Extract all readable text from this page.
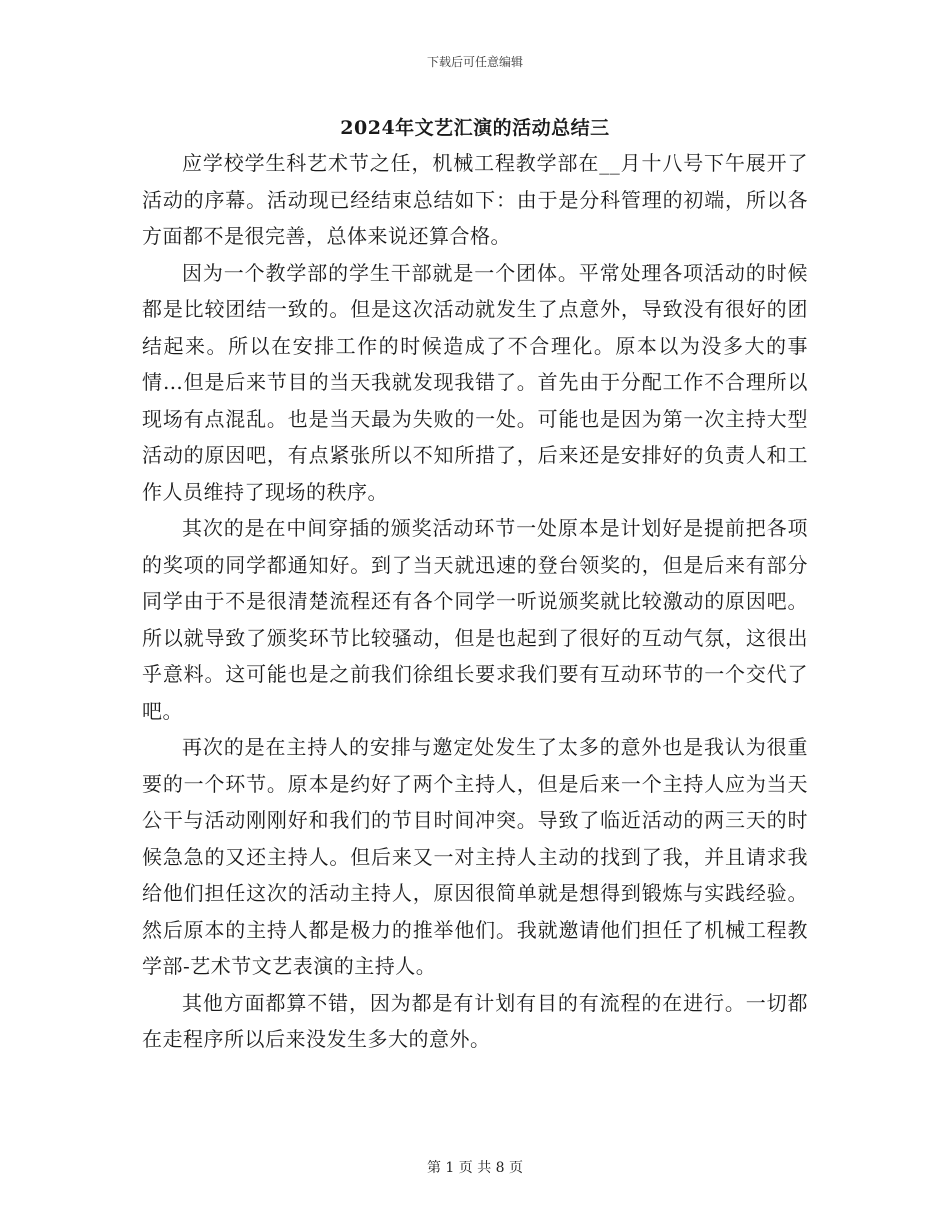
下载后可任意编辑
2024年文艺汇演的活动总结三

应学校学生科艺术节之任，机械工程教学部在__月十八号下午展开了活动的序幕。活动现已经结束总结如下：由于是分科管理的初端，所以各方面都不是很完善，总体来说还算合格。

因为一个教学部的学生干部就是一个团体。平常处理各项活动的时候都是比较团结一致的。但是这次活动就发生了点意外，导致没有很好的团结起来。所以在安排工作的时候造成了不合理化。原本以为没多大的事情…但是后来节目的当天我就发现我错了。首先由于分配工作不合理所以现场有点混乱。也是当天最为失败的一处。可能也是因为第一次主持大型活动的原因吧，有点紧张所以不知所措了，后来还是安排好的负责人和工作人员维持了现场的秩序。

其次的是在中间穿插的颁奖活动环节一处原本是计划好是提前把各项的奖项的同学都通知好。到了当天就迅速的登台领奖的，但是后来有部分同学由于不是很清楚流程还有各个同学一听说颁奖就比较激动的原因吧。所以就导致了颁奖环节比较骚动，但是也起到了很好的互动气氛，这很出乎意料。这可能也是之前我们徐组长要求我们要有互动环节的一个交代了吧。

再次的是在主持人的安排与邀定处发生了太多的意外也是我认为很重要的一个环节。原本是约好了两个主持人，但是后来一个主持人应为当天公干与活动刚刚好和我们的节目时间冲突。导致了临近活动的两三天的时候急急的又还主持人。但后来又一对主持人主动的找到了我，并且请求我给他们担任这次的活动主持人，原因很简单就是想得到锻炼与实践经验。然后原本的主持人都是极力的推举他们。我就邀请他们担任了机械工程教学部-艺术节文艺表演的主持人。

其他方面都算不错，因为都是有计划有目的有流程的在进行。一切都在走程序所以后来没发生多大的意外。

第 1 页 共 8 页
